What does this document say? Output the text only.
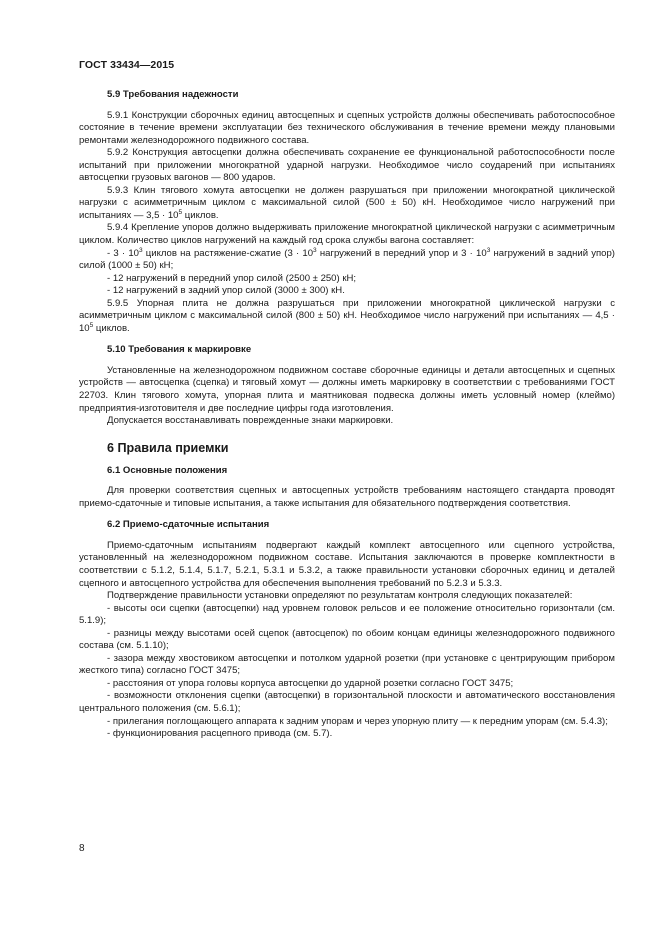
ГОСТ 33434—2015

5.9 Требования надежности

5.9.1 Конструкции сборочных единиц автосцепных и сцепных устройств должны обеспечивать работоспособное состояние в течение времени эксплуатации без технического обслуживания в течение времени между плановыми ремонтами железнодорожного подвижного состава.

5.9.2 Конструкция автосцепки должна обеспечивать сохранение ее функциональной работоспособности после испытаний при приложении многократной ударной нагрузки. Необходимое число соударений при испытаниях автосцепки грузовых вагонов — 800 ударов.

5.9.3 Клин тягового хомута автосцепки не должен разрушаться при приложении многократной циклической нагрузки с асимметричным циклом с максимальной силой (500 ± 50) кН. Необходимое число нагружений при испытаниях — $3,5 \cdot 10^5$ циклов.

5.9.4 Крепление упоров должно выдерживать приложение многократной циклической нагрузки с асимметричным циклом. Количество циклов нагружений на каждый год срока службы вагона составляет:

- $3 \cdot 10^3$ циклов на растяжение-сжатие ($3 \cdot 10^3$ нагружений в передний упор и $3 \cdot 10^3$ нагружений в задний упор) силой (1000 ± 50) кН;

- 12 нагружений в передний упор силой (2500 ± 250) кН;

- 12 нагружений в задний упор силой (3000 ± 300) кН.

5.9.5 Упорная плита не должна разрушаться при приложении многократной циклической нагрузки с асимметричным циклом с максимальной силой (800 ± 50) кН. Необходимое число нагружений при испытаниях — $4,5 \cdot 10^5$ циклов.

5.10 Требования к маркировке

Установленные на железнодорожном подвижном составе сборочные единицы и детали автосцепных и сцепных устройств — автосцепка (сцепка) и тяговый хомут — должны иметь маркировку в соответствии с требованиями ГОСТ 22703. Клин тягового хомута, упорная плита и маятниковая подвеска должны иметь условный номер (клеймо) предприятия-изготовителя и две последние цифры года изготовления.

Допускается восстанавливать поврежденные знаки маркировки.

6 Правила приемки

6.1 Основные положения

Для проверки соответствия сцепных и автосцепных устройств требованиям настоящего стандарта проводят приемо-сдаточные и типовые испытания, а также испытания для обязательного подтверждения соответствия.

6.2 Приемо-сдаточные испытания

Приемо-сдаточным испытаниям подвергают каждый комплект автосцепного или сцепного устройства, установленный на железнодорожном подвижном составе. Испытания заключаются в проверке комплектности в соответствии с 5.1.2, 5.1.4, 5.1.7, 5.2.1, 5.3.1 и 5.3.2, а также правильности установки сборочных единиц и деталей сцепного и автосцепного устройства для обеспечения выполнения требований по 5.2.3 и 5.3.3.

Подтверждение правильности установки определяют по результатам контроля следующих показателей:

- высоты оси сцепки (автосцепки) над уровнем головок рельсов и ее положение относительно горизонтали (см. 5.1.9);

- разницы между высотами осей сцепок (автосцепок) по обоим концам единицы железнодорожного подвижного состава (см. 5.1.10);

- зазора между хвостовиком автосцепки и потолком ударной розетки (при установке с центрирующим прибором жесткого типа) согласно ГОСТ 3475;

- расстояния от упора головы корпуса автосцепки до ударной розетки согласно ГОСТ 3475;

- возможности отклонения сцепки (автосцепки) в горизонтальной плоскости и автоматического восстановления центрального положения (см. 5.6.1);

- прилегания поглощающего аппарата к задним упорам и через упорную плиту — к передним упорам (см. 5.4.3);

- функционирования расцепного привода (см. 5.7).

8
